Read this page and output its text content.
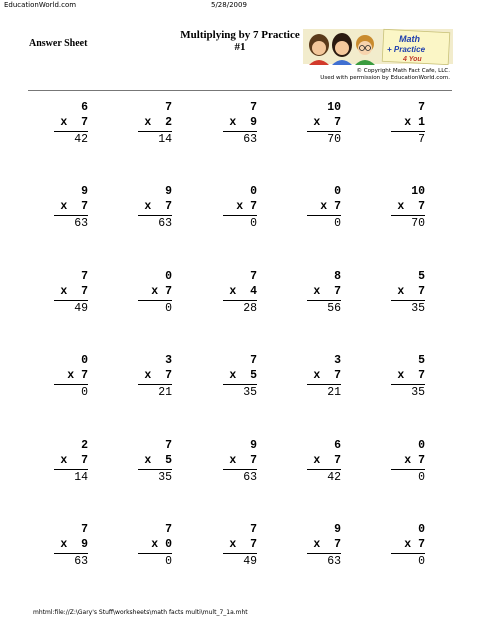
EducationWorld.com	5/28/2009
Multiplying by 7 Practice
#1
Answer Sheet	Math
+ Practice
4 You
© Copyright Math Fact Cafe, LLC.
Used with permission by EducationWorld.com.
6
x  7
42
7
x  2
14
7
x  9
63
10
x  7
70
7
x 1
7
9
x  7
63
9
x  7
63
0
x 7
0
0
x 7
0
10
x  7
70
7
x  7
49
0
x 7
0
7
x  4
28
8
x  7
56
5
x  7
35
0
x 7
0
3
x  7
21
7
x  5
35
3
x  7
21
5
x  7
35
2
x  7
14
7
x  5
35
9
x  7
63
6
x  7
42
0
x 7
0
7
x  9
63
7
x 0
0
7
x  7
49
9
x  7
63
0
x 7
0
mhtml:file://Z:\Gary's Stuff\worksheets\math facts multi\mult_7_1a.mht
